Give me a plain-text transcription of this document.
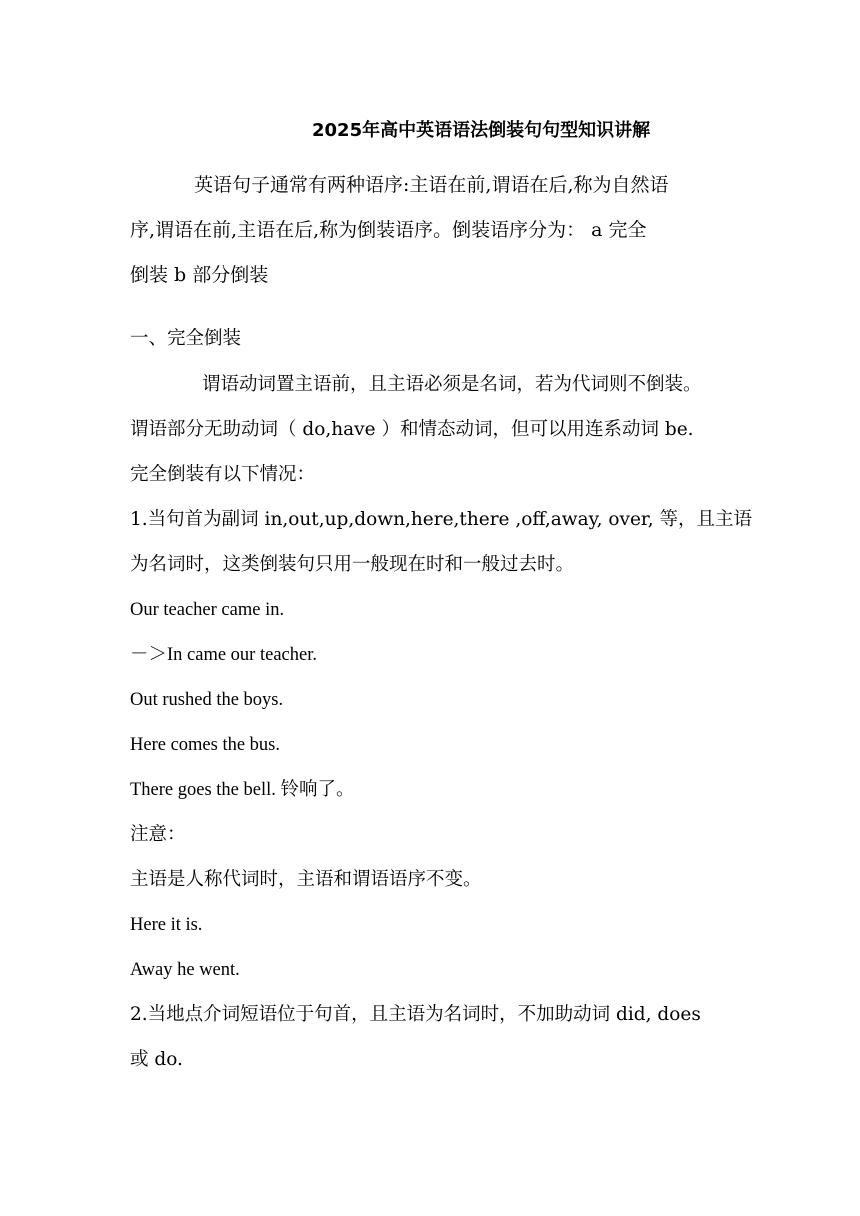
2025年高中英语语法倒装句句型知识讲解
英语句子通常有两种语序:主语在前,谓语在后,称为自然语
序,谓语在前,主语在后,称为倒装语序。倒装语序分为： a 完全
倒装 b 部分倒装
一、完全倒装
谓语动词置主语前，且主语必须是名词，若为代词则不倒装。
谓语部分无助动词（ do,have ）和情态动词，但可以用连系动词 be.
完全倒装有以下情况：
1.当句首为副词 in,out,up,down,here,there ,off,away, over, 等，且主语
为名词时，这类倒装句只用一般现在时和一般过去时。
Our teacher came in.
－＞In came our teacher.
Out rushed the boys.
Here comes the bus.
There goes the bell. 铃响了。
注意：
主语是人称代词时，主语和谓语语序不变。
Here it is.
Away he went.
2.当地点介词短语位于句首，且主语为名词时，不加助动词 did, does
或 do.
